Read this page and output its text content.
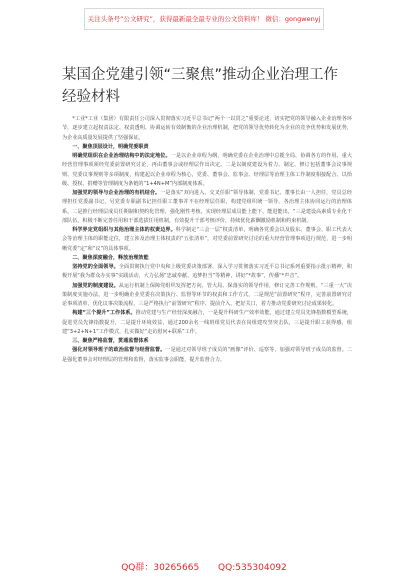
关注头条号“公文研究”，获得最新最全最专业的公文资料库！ 微信：gongwenyj
某国企党建引领“三聚焦”推动企业治理工作经验材料

*工业*工业（集团）有限责任公司深入贯彻落实习近平总书记“两个一以贯之”重要论述，切实把党的领导融入企业治理各环节，逐步建立起权责法定、权责透明、协调运转有效制衡的企业治理机制，把党的领导优势转化为企业的竞争优势和发展优势，为企业高质量发展提供了坚强保证。

一、聚焦顶层设计，明确党委职责

明确党组织在企业治理结构中的法定地位。一是以企业章程为纲，明确党委在企业治理中总揽全局、协调各方的作用。重大经营管理事项须经党委前置研究讨论，再由董事会或经理层作出决定。二是以制度建设为着力，制定、修订包括董事会议事规则、党委议事规则等多项制度，构建起以企业章程为核心，党委、董事会、监事会、经理层等治理主体工作制度相接配合、以拾级、授权、捐赠等管理制度为条链的“1+4N+M”内部制度体系。

加强党的领导与企业治理的有机结合。一是落实“双向进入、交叉任职”领导体制，党委书记、董事长由一人担任，党员总经理担任党委副书记，另党委专职副书记担任职工董事并不在经理层任职，构建党组织统一领导、各治理主体协同运行的治理体系。二是推行经理层成员任期制和契约化管理，强化刚性考核，实现经理层成员能上能下、能进能出，“三是建设高素质专业化干部队伍，积极不断完善任用和干部选拔任用机制，有效提升干部考核评价，持续优化薪酬激励机制和约束机制。

科学界定党组织与其他治理主体的权责边界。科学制定“三会一层”权责清单，明确各党委会以及股东、董事会、职工代表大会等治理主体的职能定位，建立涉及治理主体权责的“五张清单”，对党委前置研究讨论的重大经营管理事项进行规范，进一步明晰党委“定”和“议”的具体事项。

二、聚焦深度融合，释放治理效能

坚持党的全面领导。全面贯彻执行党中央和上级党委决策部署，深入学习贯彻落实习近平总书记系列重要指示批示精神，积极开展“我为群众办实事”实践活动，大力弘扬“忠诚奉献、追梦担当”等精神，讲好“*故事”，传播“*声音”。

加强党的制度建设。从运行机制上保障党组织发挥把方向、管大局、保落实的领导作用，修订完善工作规则。“三重一大”决策制度实施办法，进一步明确企业党委在决策执行、监督等环节的权责和工作方式，二是规范“前置研究”程序，完善前置研究讨论事项清单，优化议事决策流程，三是严格执行“前置研究”程序、提前介入，把好关口，着力推动党委研究讨论成果转化。

构建“三个提升”工作体系。推动党建与生产经营深度融合，一是提升科研生产效率效能，通过建立党员先锋指数模型系统，促进党员先锋指数提升，二是提升环境效益，通过200余名一线班组党员代表在岗组建攻坚突击队，三是提升职工获得感，组建“3+2+N+1”工作模式，扎实做好“走访慰问+联系”工作。

三、聚焦严格监督，贯通监督体系

强化对领导班子的政治监督与经营监督。一是通过对领导班子成员的“画像”评价、巡察等，加强对领导班子成员的监督。二是强化董事会对经理层的管理和监督，落实监事会职能，提升监督合力。

QQ群：30265665 QQ:535304092
